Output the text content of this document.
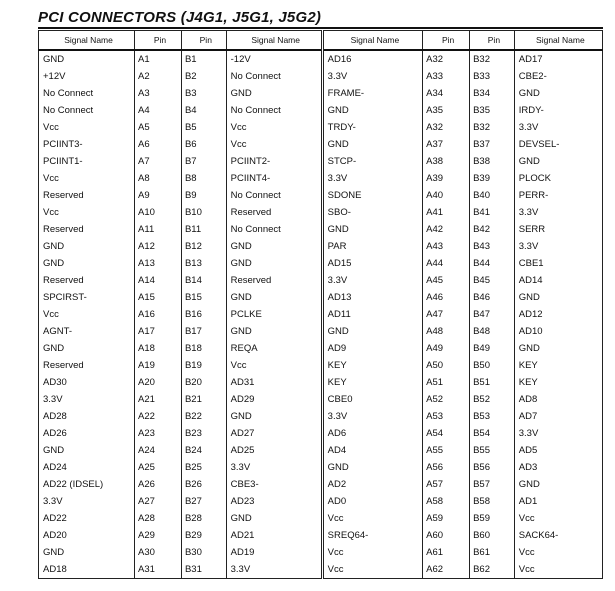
PCI CONNECTORS (J4G1, J5G1, J5G2)
Signal Name	Pin	Pin	Signal Name	Signal Name	Pin	Pin	Signal Name
GND	A1	B1	-12V	AD16	A32	B32	AD17
+12V	A2	B2	No Connect	3.3V	A33	B33	CBE2-
No Connect	A3	B3	GND	FRAME-	A34	B34	GND
No Connect	A4	B4	No Connect	GND	A35	B35	IRDY-
Vcc	A5	B5	Vcc	TRDY-	A32	B32	3.3V
PCIINT3-	A6	B6	Vcc	GND	A37	B37	DEVSEL-
PCIINT1-	A7	B7	PCIINT2-	STCP-	A38	B38	GND
Vcc	A8	B8	PCIINT4-	3.3V	A39	B39	PLOCK
Reserved	A9	B9	No Connect	SDONE	A40	B40	PERR-
Vcc	A10	B10	Reserved	SBO-	A41	B41	3.3V
Reserved	A11	B11	No Connect	GND	A42	B42	SERR
GND	A12	B12	GND	PAR	A43	B43	3.3V
GND	A13	B13	GND	AD15	A44	B44	CBE1
Reserved	A14	B14	Reserved	3.3V	A45	B45	AD14
SPCIRST-	A15	B15	GND	AD13	A46	B46	GND
Vcc	A16	B16	PCLKE	AD11	A47	B47	AD12
AGNT-	A17	B17	GND	GND	A48	B48	AD10
GND	A18	B18	REQA	AD9	A49	B49	GND
Reserved	A19	B19	Vcc	KEY	A50	B50	KEY
AD30	A20	B20	AD31	KEY	A51	B51	KEY
3.3V	A21	B21	AD29	CBE0	A52	B52	AD8
AD28	A22	B22	GND	3.3V	A53	B53	AD7
AD26	A23	B23	AD27	AD6	A54	B54	3.3V
GND	A24	B24	AD25	AD4	A55	B55	AD5
AD24	A25	B25	3.3V	GND	A56	B56	AD3
AD22 (IDSEL)	A26	B26	CBE3-	AD2	A57	B57	GND
3.3V	A27	B27	AD23	AD0	A58	B58	AD1
AD22	A28	B28	GND	Vcc	A59	B59	Vcc
AD20	A29	B29	AD21	SREQ64-	A60	B60	SACK64-
GND	A30	B30	AD19	Vcc	A61	B61	Vcc
AD18	A31	B31	3.3V	Vcc	A62	B62	Vcc
